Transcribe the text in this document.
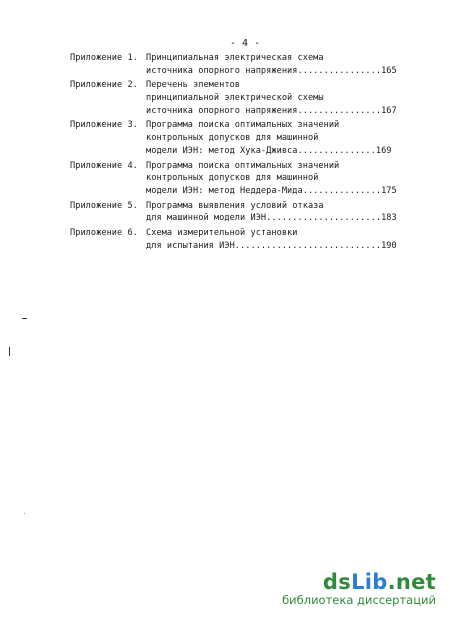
- 4 -
Приложение 1. Принципиальная электрическая схема
источника опорного напряжения................165
Приложение 2. Перечень элементов
принципиальной электрической схемы
источника опорного напряжения................167
Приложение 3. Программа поиска оптимальных значений
контрольных допусков для машинной
модели ИЭН: метод Хука-Дживса...............169
Приложение 4. Программа поиска оптимальных значений
контрольных допусков для машинной
модели ИЭН: метод Неддера-Мида...............175
Приложение 5. Программа выявления условий отказа
для машинной модели ИЭН......................183
Приложение 6. Схема измерительной установки
для испытания ИЭН............................190
dsLib.net
библиотека диссертаций
